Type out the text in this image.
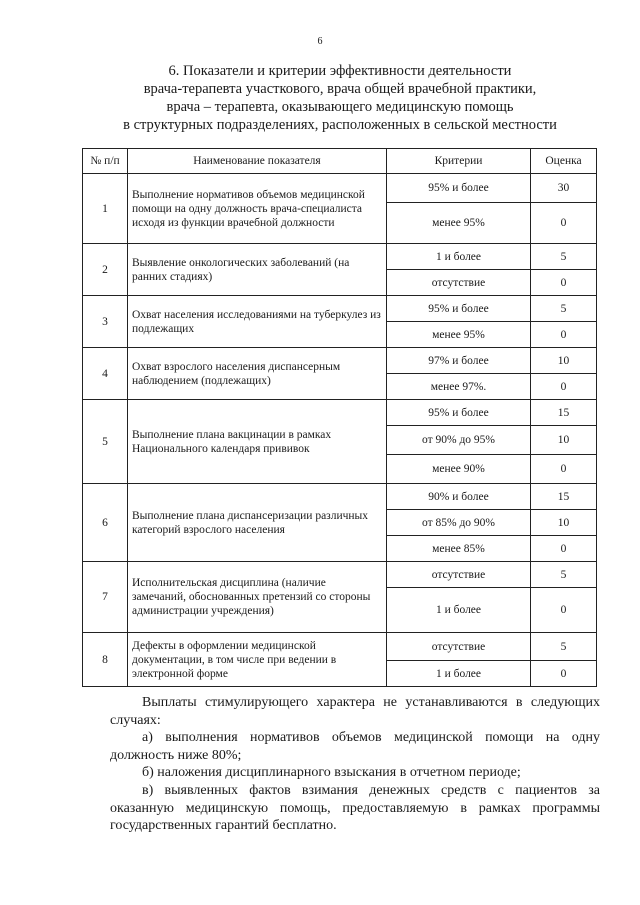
6
6. Показатели и критерии эффективности деятельности
врача-терапевта участкового, врача общей врачебной практики,
врача – терапевта, оказывающего медицинскую помощь
в структурных подразделениях, расположенных в сельской местности
№ п/п	Наименование показателя	Критерии	Оценка
1	Выполнение нормативов объемов медицинской помощи на одну должность врача-специалиста исходя из функции врачебной должности	95% и более	30
		менее 95%	0
2	Выявление онкологических заболеваний (на ранних стадиях)	1 и более	5
		отсутствие	0
3	Охват населения исследованиями на туберкулез из подлежащих	95% и более	5
		менее 95%	0
4	Охват взрослого населения диспансерным наблюдением (подлежащих)	97% и более	10
		менее 97%.	0
5	Выполнение плана вакцинации в рамках Национального календаря прививок	95% и более	15
		от 90% до 95%	10
		менее 90%	0
6	Выполнение плана диспансеризации различных категорий взрослого населения	90% и более	15
		от 85% до 90%	10
		менее 85%	0
7	Исполнительская дисциплина (наличие замечаний, обоснованных претензий со стороны администрации учреждения)	отсутствие	5
		1 и более	0
8	Дефекты в оформлении медицинской документации, в том числе при ведении в электронной форме	отсутствие	5
		1 и более	0

Выплаты стимулирующего характера не устанавливаются в следующих случаях:

а) выполнения нормативов объемов медицинской помощи на одну должность ниже 80%;

б) наложения дисциплинарного взыскания в отчетном периоде;

в) выявленных фактов взимания денежных средств с пациентов за оказанную медицинскую помощь, предоставляемую в рамках программы государственных гарантий бесплатно.
